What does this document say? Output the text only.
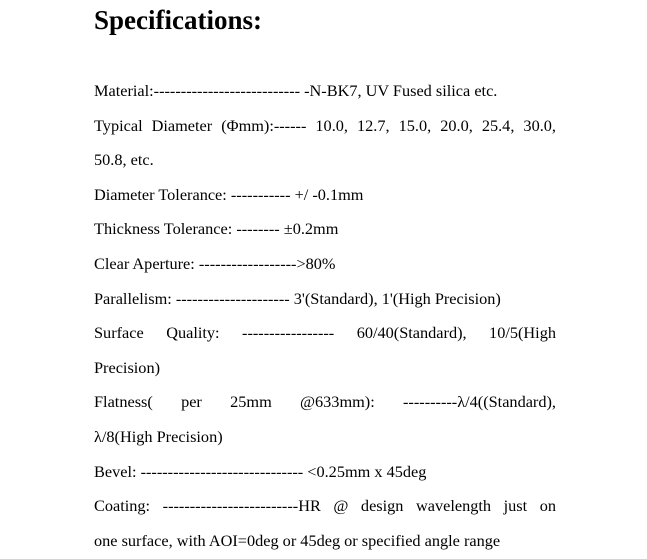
Specifications:
Material:--------------------------- -N-BK7, UV Fused silica etc.
Typical Diameter (Φmm):------ 10.0, 12.7, 15.0, 20.0, 25.4, 30.0,
50.8, etc.
Diameter Tolerance: ----------- +/ -0.1mm
Thickness Tolerance: -------- ±0.2mm
Clear Aperture: ------------------>80%
Parallelism: --------------------- 3'(Standard), 1'(High Precision)
Surface Quality: ----------------- 60/40(Standard), 10/5(High
Precision)
Flatness( per 25mm @633mm): ----------λ/4((Standard),
λ/8(High Precision)
Bevel: ------------------------------ <0.25mm x 45deg
Coating: -------------------------HR @ design wavelength just on
one surface, with AOI=0deg or 45deg or specified angle range
